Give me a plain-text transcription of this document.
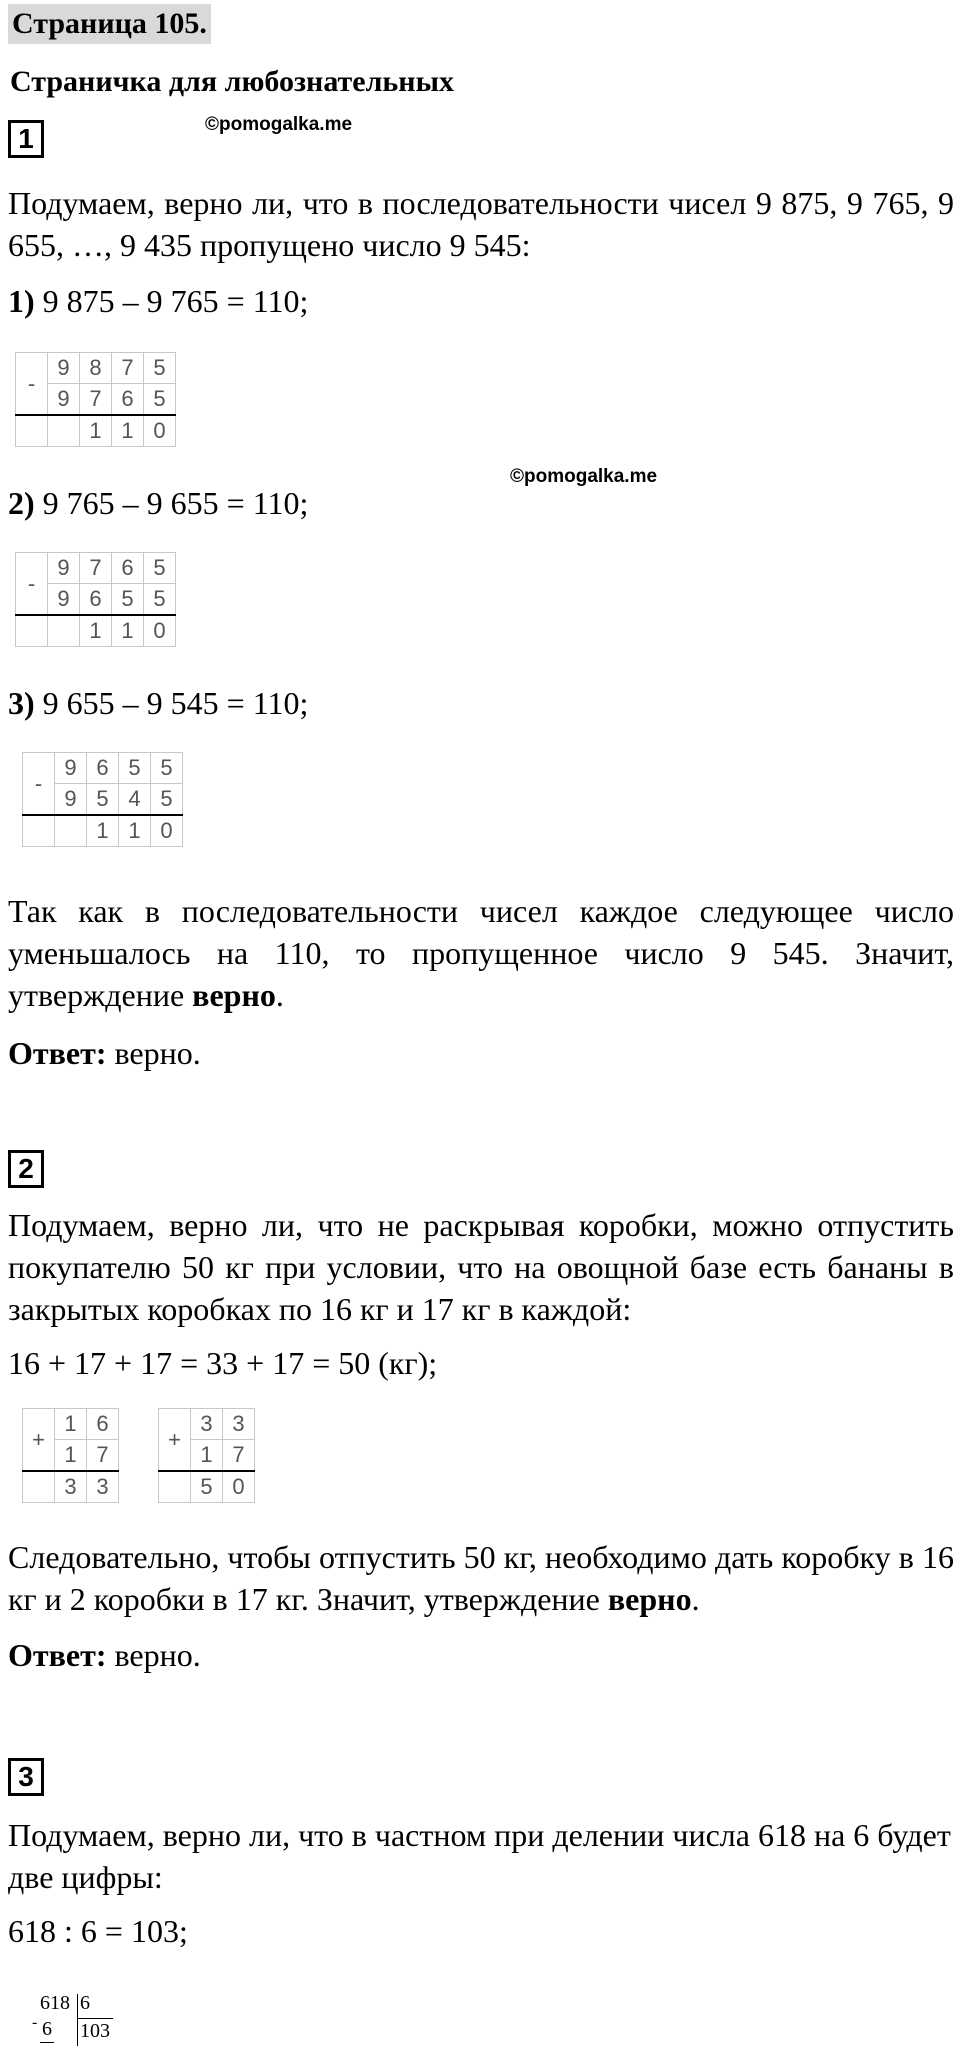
Страница 105.
Страничка для любознательных
©pomogalka.me
1
Подумаем, верно ли, что в последовательности чисел 9 875, 9 765, 9 655, …, 9 435 пропущено число 9 545:
1) 9 875 – 9 765 = 110;
-	9	8	7	5
	9	7	6	5
		1	1	0
©pomogalka.me
2) 9 765 – 9 655 = 110;
-	9	7	6	5
	9	6	5	5
		1	1	0
3) 9 655 – 9 545 = 110;
-	9	6	5	5
	9	5	4	5
		1	1	0
Так как в последовательности чисел каждое следующее число уменьшалось на 110, то пропущенное число 9 545. Значит, утверждение верно.
Ответ: верно.
2
Подумаем, верно ли, что не раскрывая коробки, можно отпустить покупателю 50 кг при условии, что на овощной базе есть бананы в закрытых коробках по 16 кг и 17 кг в каждой:
16 + 17 + 17 = 33 + 17 = 50 (кг);
+	1	6
	1	7
	3	3
+	3	3
	1	7
	5	0
Следовательно, чтобы отпустить 50 кг, необходимо дать коробку в 16 кг и 2 коробки в 17 кг. Значит, утверждение верно.
Ответ: верно.
3
Подумаем, верно ли, что в частном при делении числа 618 на 6 будет две цифры:
618 : 6 = 103;
618 6
- 6 103
